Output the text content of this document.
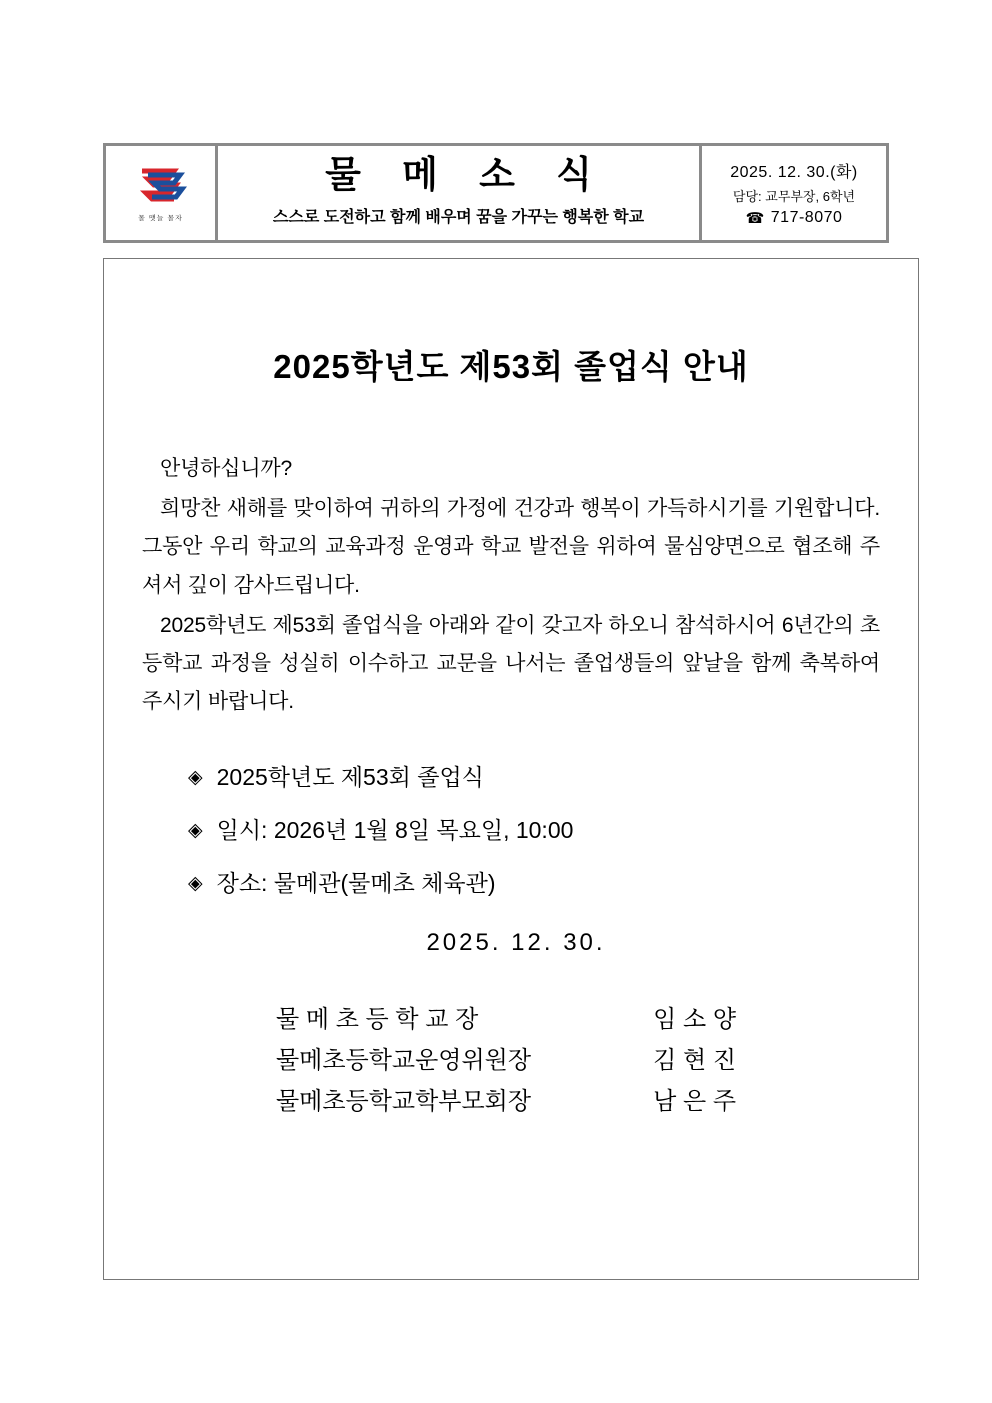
몰 맷늘 몰자
물 메 소 식
스스로 도전하고 함께 배우며 꿈을 가꾸는 행복한 학교
2025. 12. 30.(화)
담당: 교무부장, 6학년
☎ 717-8070
2025학년도 제53회 졸업식 안내

안녕하십니까?

희망찬 새해를 맞이하여 귀하의 가정에 건강과 행복이 가득하시기를 기원합니다. 그동안 우리 학교의 교육과정 운영과 학교 발전을 위하여 물심양면으로 협조해 주셔서 깊이 감사드립니다.

2025학년도 제53회 졸업식을 아래와 같이 갖고자 하오니 참석하시어 6년간의 초등학교 과정을 성실히 이수하고 교문을 나서는 졸업생들의 앞날을 함께 축복하여 주시기 바랍니다.

◈ 2025학년도 제53회 졸업식
◈ 일시: 2026년 1월 8일 목요일, 10:00
◈ 장소: 물메관(물메초 체육관)
2025. 12. 30.
물 메 초 등 학 교 장	임 소 양
물메초등학교운영위원장	김 현 진
물메초등학교학부모회장	남 은 주
